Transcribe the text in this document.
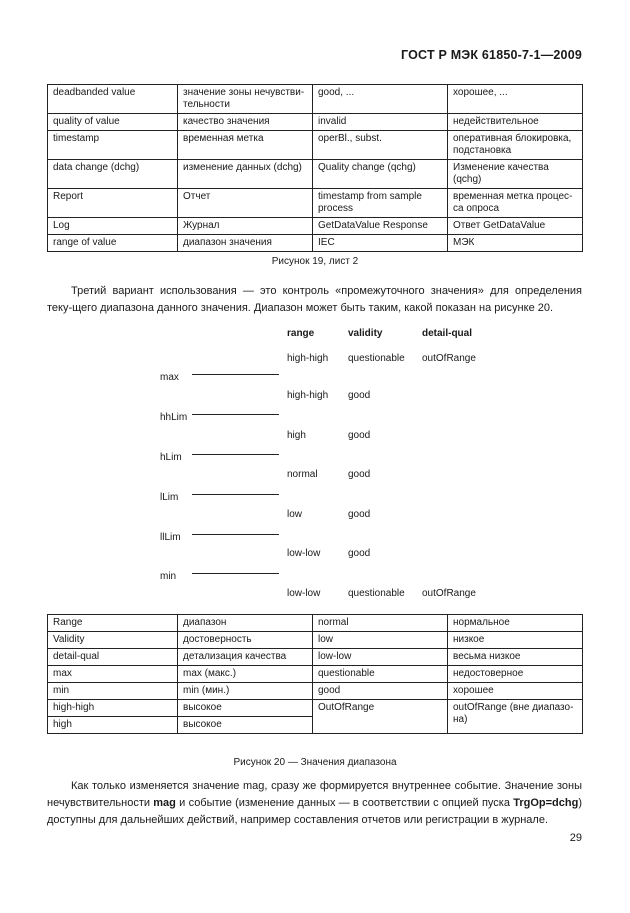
ГОСТ Р МЭК 61850-7-1—2009
deadbanded value	значение зоны нечувстви-тельности	good, ...	хорошее, ...
quality of value	качество значения	invalid	недействительное
timestamp	временная метка	operBl., subst.	оперативная блокировка, подстановка
data change (dchg)	изменение данных (dchg)	Quality change (qchg)	Изменение качества (qchg)
Report	Отчет	timestamp from sample process	временная метка процес-са опроса
Log	Журнал	GetDataValue Response	Ответ GetDataValue
range of value	диапазон значения	IEC	МЭК
Рисунок 19, лист 2
Третий вариант использования — это контроль «промежуточного значения» для определения теку-щего диапазона данного значения. Диапазон может быть таким, какой показан на рисунке 20.
range	validity	detail-qual
max
hhLim
hLim
lLim
llLim
min
high-high questionable outOfRange
high-high good
high	good
normal	good
low	good
low-low	good
low-low	questionable outOfRange
Range	диапазон	normal	нормальное
Validity	достоверность	low	низкое
detail-qual	детализация качества	low-low	весьма низкое
max	max (макс.)	questionable	недостоверное
min	min (мин.)	good	хорошее
high-high	высокое	OutOfRange	outOfRange (вне диапазо-на)
high	высокое		
Рисунок 20 — Значения диапазона
Как только изменяется значение mag, сразу же формируется внутреннее событие. Значение зоны нечувствительности mag и событие (изменение данных — в соответствии с опцией пуска TrgOp=dchg) доступны для дальнейших действий, например составления отчетов или регистрации в журнале.
29
